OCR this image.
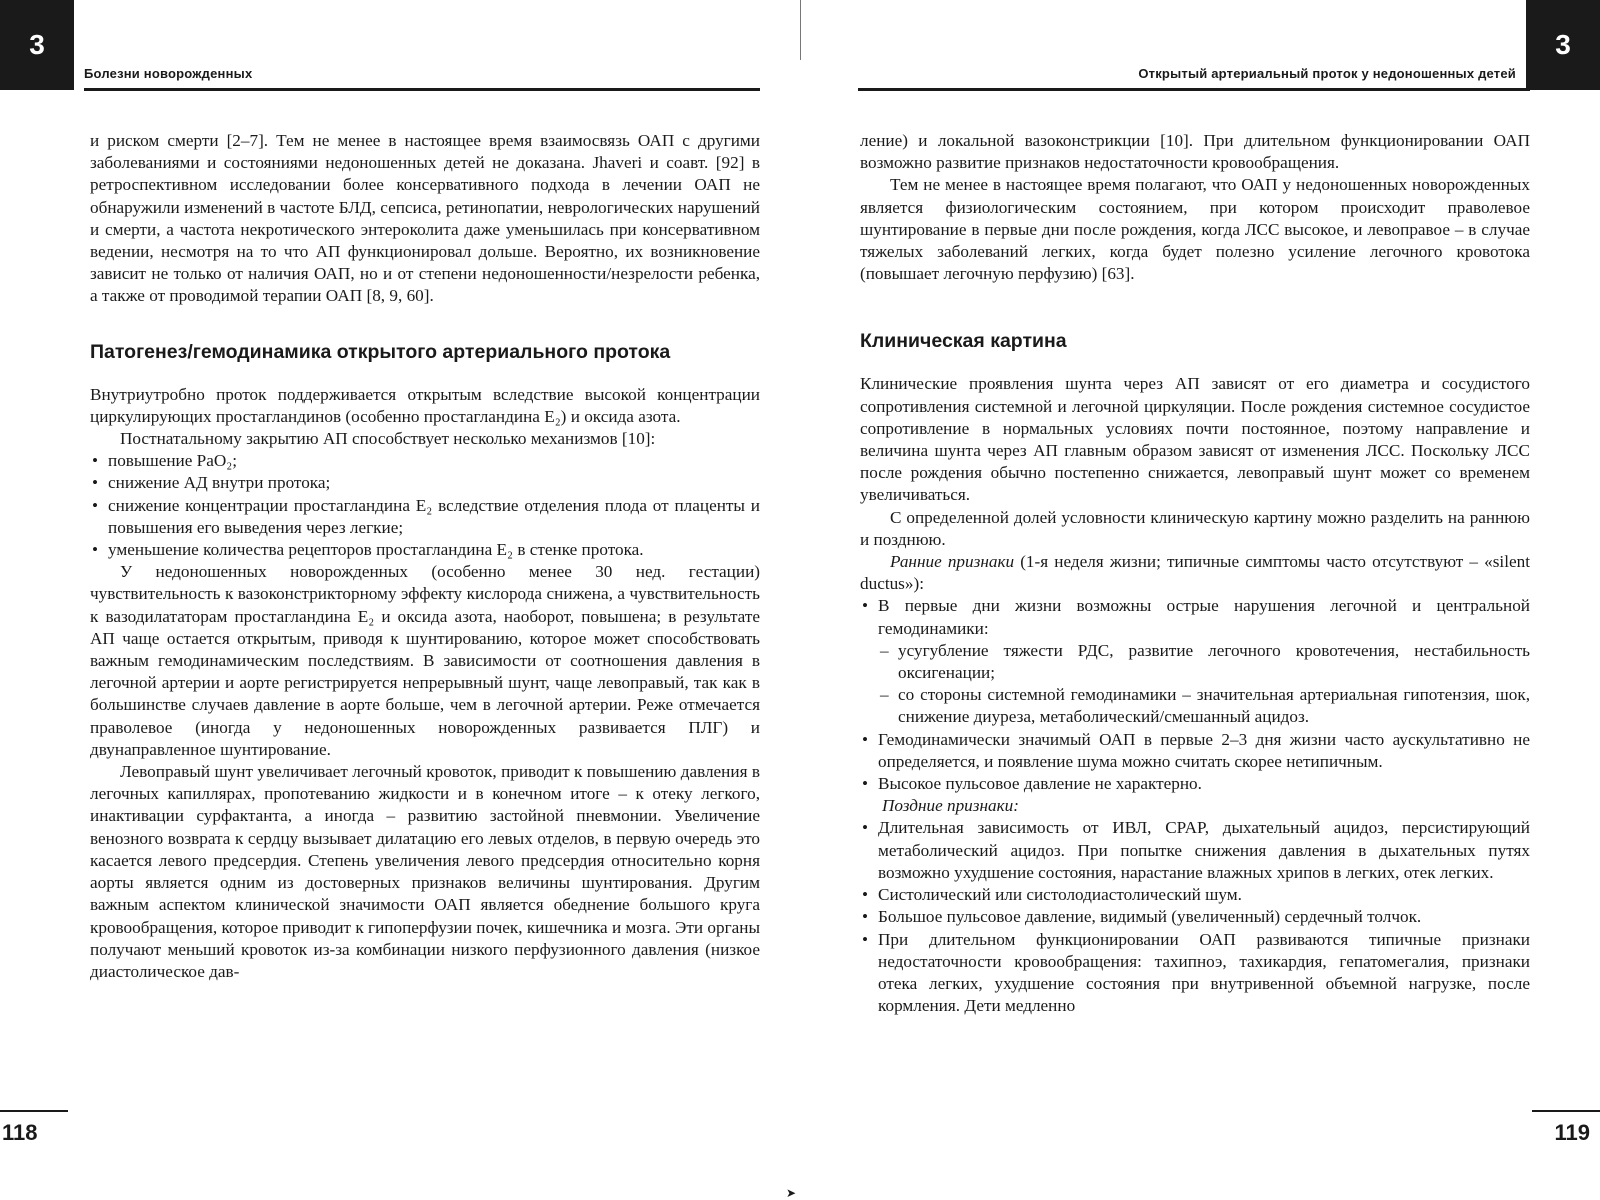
3
Болезни новорожденных

и риском смерти [2–7]. Тем не менее в настоящее время взаимосвязь ОАП с другими заболеваниями и состояниями недоношенных детей не доказана. Jhaveri и соавт. [92] в ретроспективном исследовании более консервативного подхода в лечении ОАП не обнаружили изменений в частоте БЛД, сепсиса, ретинопатии, неврологических нарушений и смерти, а частота некротического энтероколита даже уменьшилась при консервативном ведении, несмотря на то что АП функционировал дольше. Вероятно, их возникновение зависит не только от наличия ОАП, но и от степени недоношенности/незрелости ребенка, а также от проводимой терапии ОАП [8, 9, 60].

Патогенез/гемодинамика открытого артериального протока

Внутриутробно проток поддерживается открытым вследствие высокой концентрации циркулирующих простагландинов (особенно простагландина E₂) и оксида азота.

Постнатальному закрытию АП способствует несколько механизмов [10]:

• повышение PaO₂;
• снижение АД внутри протока;
• снижение концентрации простагландина E₂ вследствие отделения плода от плаценты и повышения его выведения через легкие;
• уменьшение количества рецепторов простагландина E₂ в стенке протока.

У недоношенных новорожденных (особенно менее 30 нед. гестации) чувствительность к вазоконстрикторному эффекту кислорода снижена, а чувствительность к вазодилататорам простагландина E₂ и оксида азота, наоборот, повышена; в результате АП чаще остается открытым, приводя к шунтированию, которое может способствовать важным гемодинамическим последствиям. В зависимости от соотношения давления в легочной артерии и аорте регистрируется непрерывный шунт, чаще левоправый, так как в большинстве случаев давление в аорте больше, чем в легочной артерии. Реже отмечается праволевое (иногда у недоношенных новорожденных развивается ПЛГ) и двунаправленное шунтирование.

Левоправый шунт увеличивает легочный кровоток, приводит к повышению давления в легочных капиллярах, пропотеванию жидкости и в конечном итоге – к отеку легкого, инактивации сурфактанта, а иногда – развитию застойной пневмонии. Увеличение венозного возврата к сердцу вызывает дилатацию его левых отделов, в первую очередь это касается левого предсердия. Степень увеличения левого предсердия относительно корня аорты является одним из достоверных признаков величины шунтирования. Другим важным аспектом клинической значимости ОАП является обеднение большого круга кровообращения, которое приводит к гипоперфузии почек, кишечника и мозга. Эти органы получают меньший кровоток из-за комбинации низкого перфузионного давления (низкое диастолическое дав-

118
3
Открытый артериальный проток у недоношенных детей

ление) и локальной вазоконстрикции [10]. При длительном функционировании ОАП возможно развитие признаков недостаточности кровообращения.

Тем не менее в настоящее время полагают, что ОАП у недоношенных новорожденных является физиологическим состоянием, при котором происходит праволевое шунтирование в первые дни после рождения, когда ЛСС высокое, и левоправое – в случае тяжелых заболеваний легких, когда будет полезно усиление легочного кровотока (повышает легочную перфузию) [63].

Клиническая картина

Клинические проявления шунта через АП зависят от его диаметра и сосудистого сопротивления системной и легочной циркуляции. После рождения системное сосудистое сопротивление в нормальных условиях почти постоянное, поэтому направление и величина шунта через АП главным образом зависят от изменения ЛСС. Поскольку ЛСС после рождения обычно постепенно снижается, левоправый шунт может со временем увеличиваться.

С определенной долей условности клиническую картину можно разделить на раннюю и позднюю.

Ранние признаки (1-я неделя жизни; типичные симптомы часто отсутствуют – «silent ductus»):

• В первые дни жизни возможны острые нарушения легочной и центральной гемодинамики:
– усугубление тяжести РДС, развитие легочного кровотечения, нестабильность оксигенации;
– со стороны системной гемодинамики – значительная артериальная гипотензия, шок, снижение диуреза, метаболический/смешанный ацидоз.
• Гемодинамически значимый ОАП в первые 2–3 дня жизни часто аускультативно не определяется, и появление шума можно считать скорее нетипичным.
• Высокое пульсовое давление не характерно.

Поздние признаки:

• Длительная зависимость от ИВЛ, CPAP, дыхательный ацидоз, персистирующий метаболический ацидоз. При попытке снижения давления в дыхательных путях возможно ухудшение состояния, нарастание влажных хрипов в легких, отек легких.
• Систолический или систолодиастолический шум.
• Большое пульсовое давление, видимый (увеличенный) сердечный толчок.
• При длительном функционировании ОАП развиваются типичные признаки недостаточности кровообращения: тахипноэ, тахикардия, гепатомегалия, признаки отека легких, ухудшение состояния при внутривенной объемной нагрузке, после кормления. Дети медленно
119
➤
